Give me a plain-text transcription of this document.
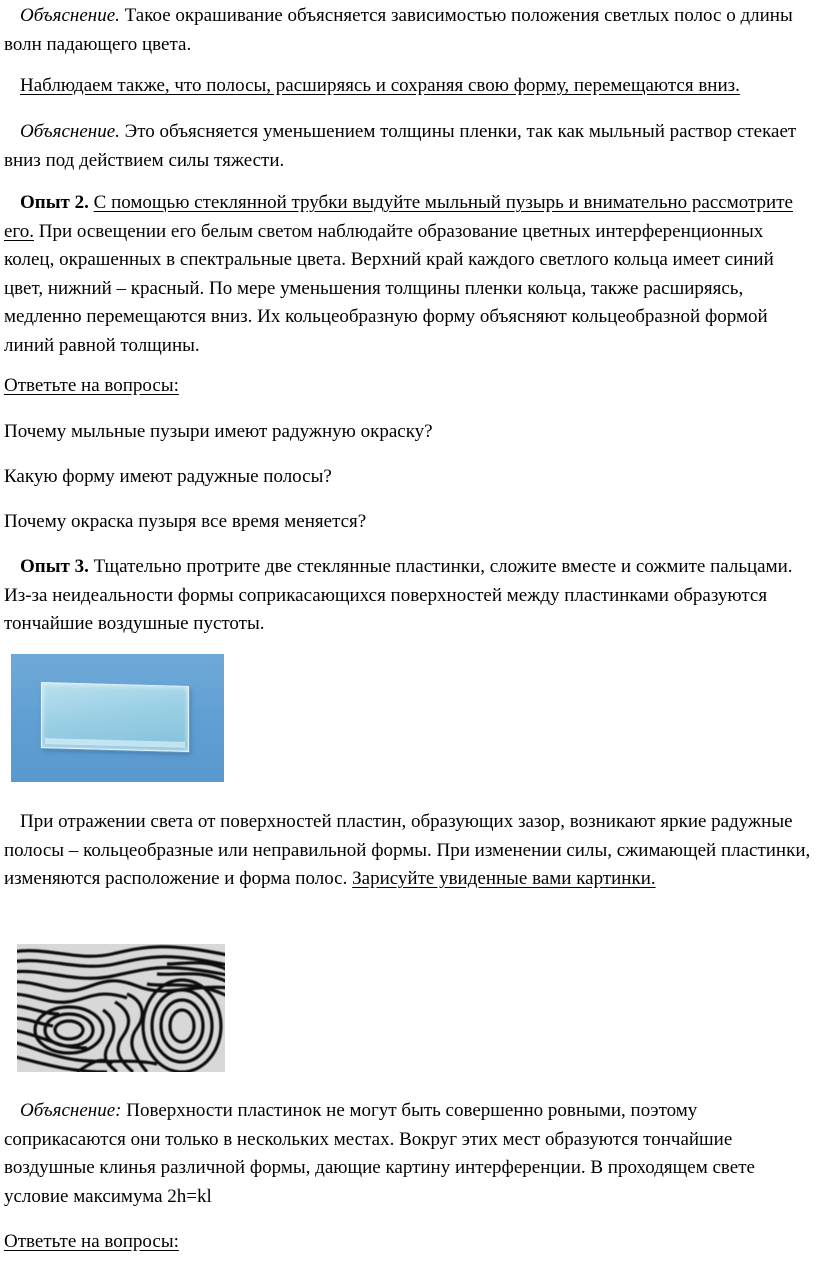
Объяснение. Такое окрашивание объясняется зависимостью положения светлых полос о длины волн падающего цвета.

Наблюдаем также, что полосы, расширяясь и сохраняя свою форму, перемещаются вниз.

Объяснение. Это объясняется уменьшением толщины пленки, так как мыльный раствор стекает вниз под действием силы тяжести.

Опыт 2. С помощью стеклянной трубки выдуйте мыльный пузырь и внимательно рассмотрите его. При освещении его белым светом наблюдайте образование цветных интерференционных колец, окрашенных в спектральные цвета. Верхний край каждого светлого кольца имеет синий цвет, нижний – красный. По мере уменьшения толщины пленки кольца, также расширяясь, медленно перемещаются вниз. Их кольцеобразную форму объясняют кольцеобразной формой линий равной толщины.

Ответьте на вопросы:

Почему мыльные пузыри имеют радужную окраску?

Какую форму имеют радужные полосы?

Почему окраска пузыря все время меняется?

Опыт 3. Тщательно протрите две стеклянные пластинки, сложите вместе и сожмите пальцами. Из-за неидеальности формы соприкасающихся поверхностей между пластинками образуются тончайшие воздушные пустоты.

При отражении света от поверхностей пластин, образующих зазор, возникают яркие радужные полосы – кольцеобразные или неправильной формы. При изменении силы, сжимающей пластинки, изменяются расположение и форма полос. Зарисуйте увиденные вами картинки.

Объяснение: Поверхности пластинок не могут быть совершенно ровными, поэтому соприкасаются они только в нескольких местах. Вокруг этих мест образуются тончайшие воздушные клинья различной формы, дающие картину интерференции. В проходящем свете условие максимума 2h=kl

Ответьте на вопросы:
